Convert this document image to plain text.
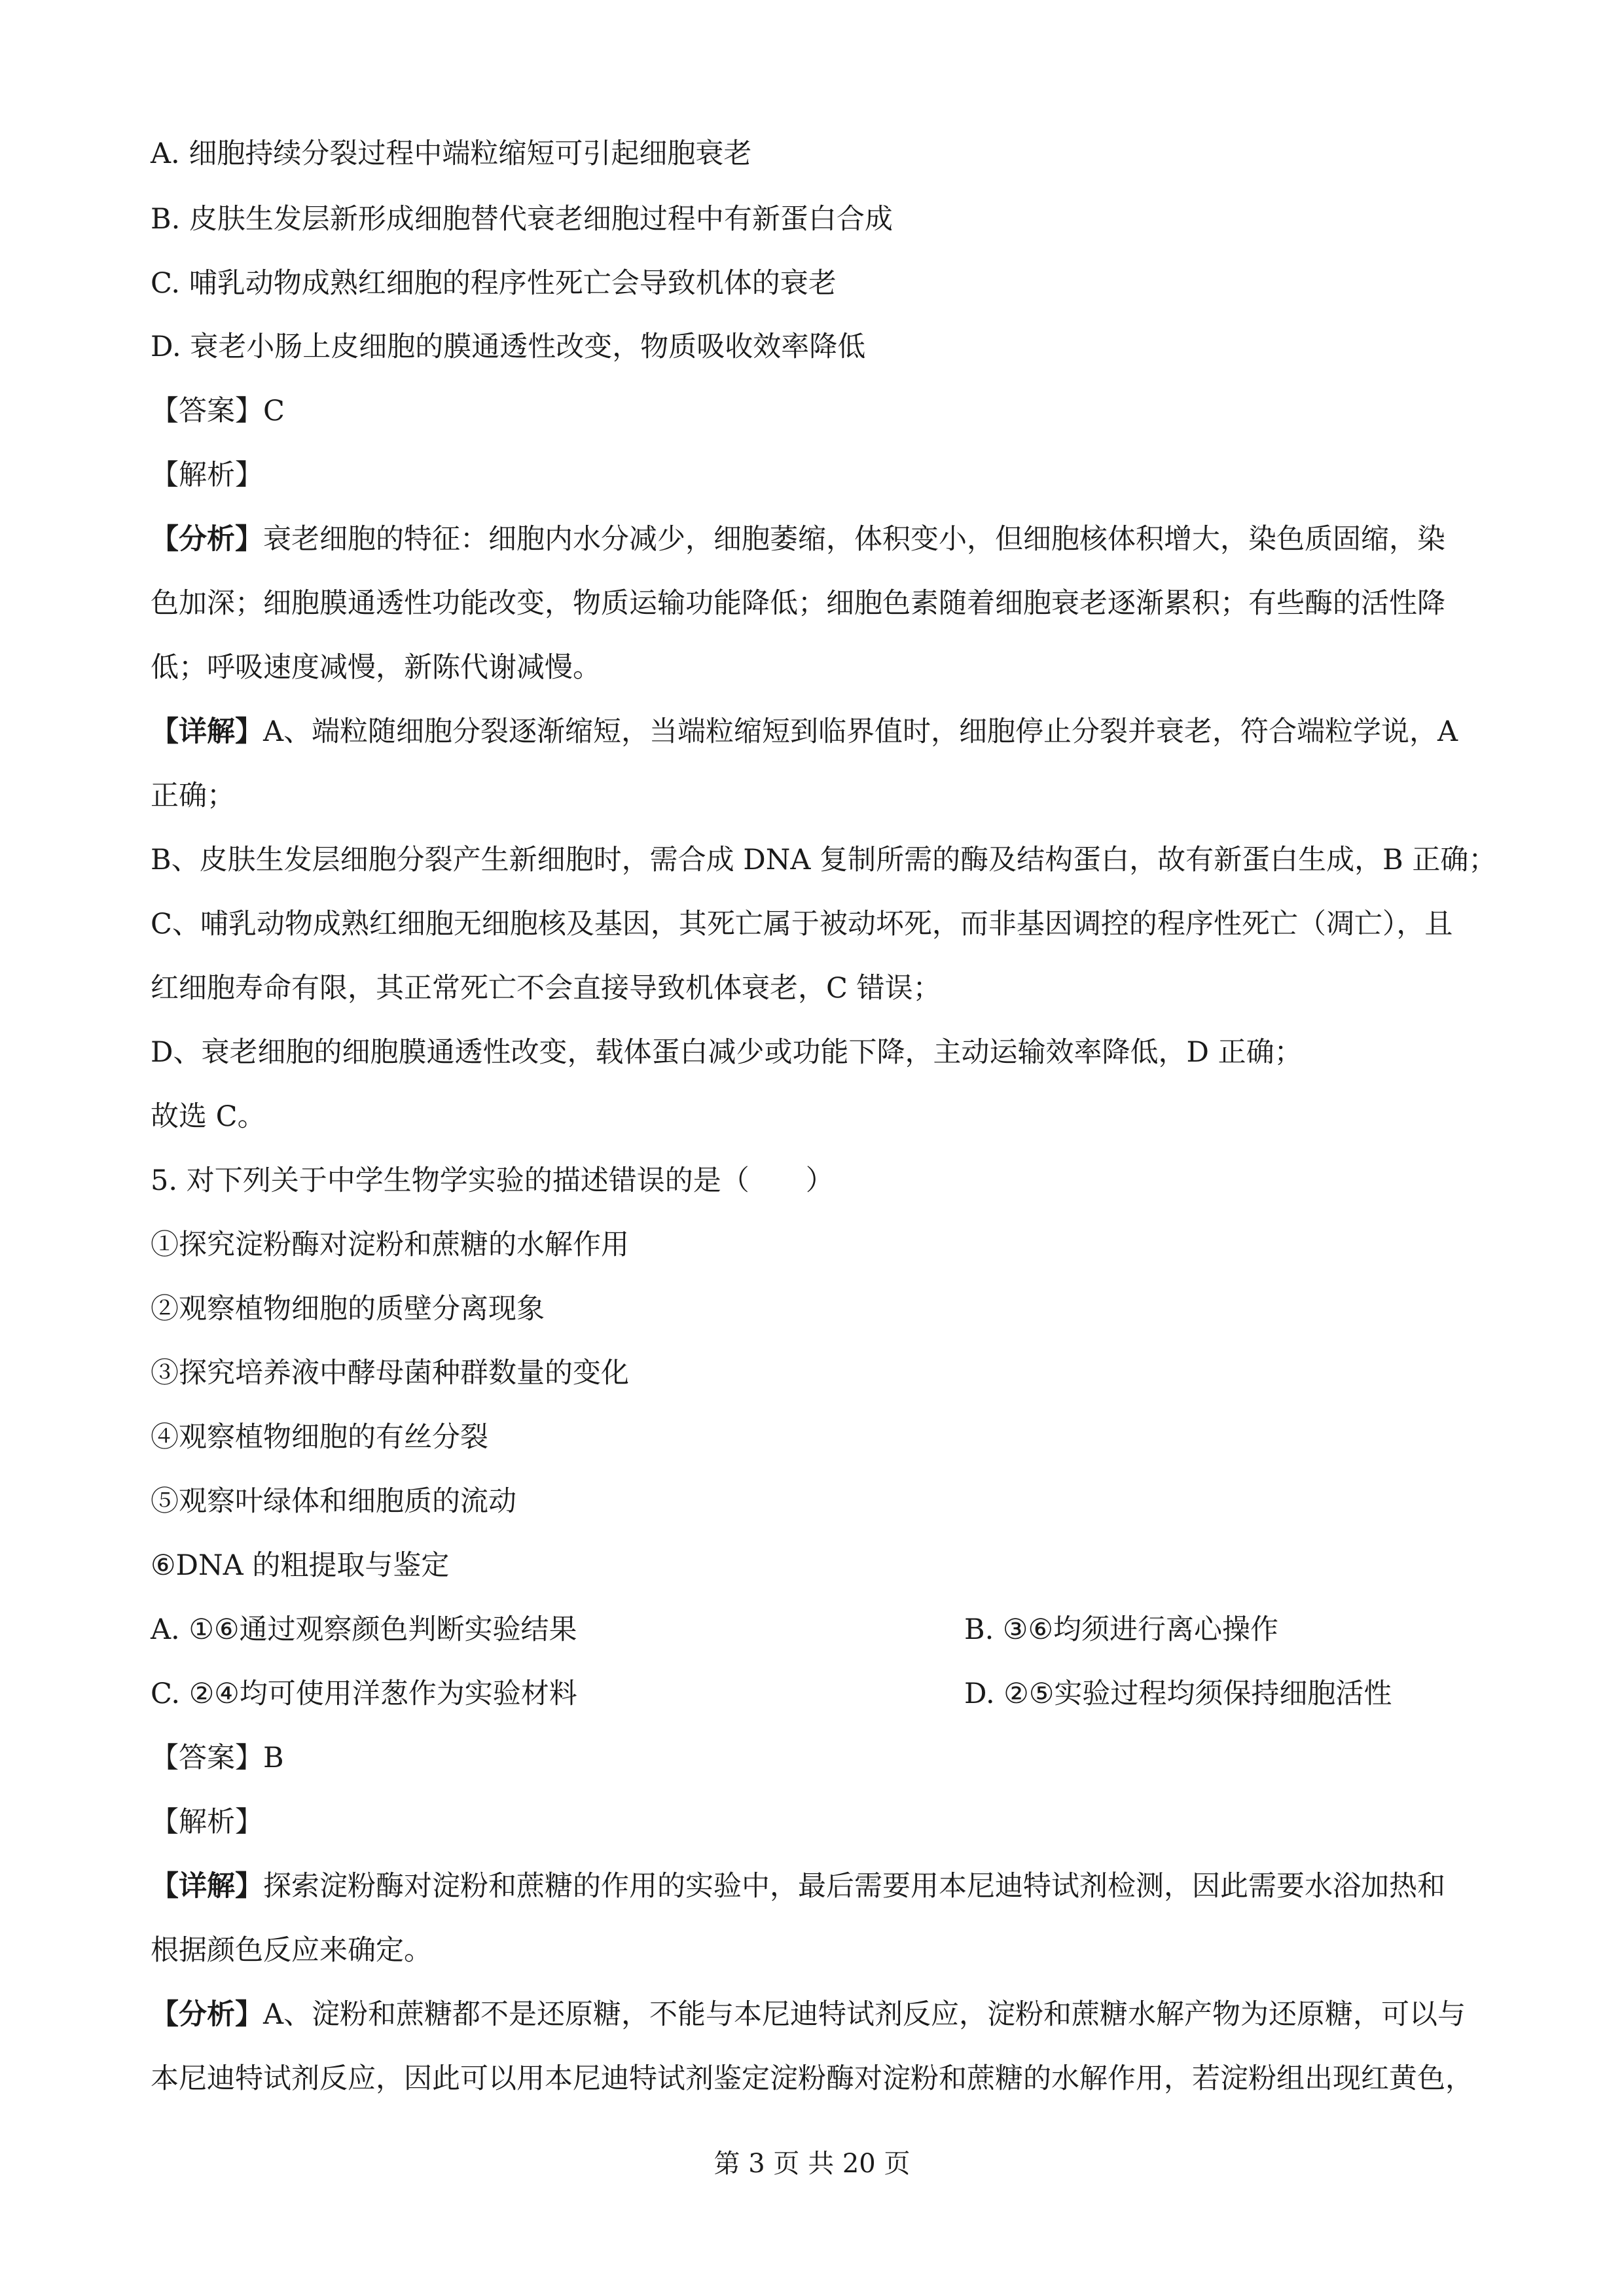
A. 细胞持续分裂过程中端粒缩短可引起细胞衰老
B. 皮肤生发层新形成细胞替代衰老细胞过程中有新蛋白合成
C. 哺乳动物成熟红细胞的程序性死亡会导致机体的衰老
D. 衰老小肠上皮细胞的膜通透性改变，物质吸收效率降低
【答案】C
【解析】
【分析】衰老细胞的特征：细胞内水分减少，细胞萎缩，体积变小，但细胞核体积增大，染色质固缩，染
色加深；细胞膜通透性功能改变，物质运输功能降低；细胞色素随着细胞衰老逐渐累积；有些酶的活性降
低；呼吸速度减慢，新陈代谢减慢。
【详解】A、端粒随细胞分裂逐渐缩短，当端粒缩短到临界值时，细胞停止分裂并衰老，符合端粒学说，A
正确；
B、皮肤生发层细胞分裂产生新细胞时，需合成 DNA 复制所需的酶及结构蛋白，故有新蛋白生成，B 正确；
C、哺乳动物成熟红细胞无细胞核及基因，其死亡属于被动坏死，而非基因调控的程序性死亡（凋亡），且
红细胞寿命有限，其正常死亡不会直接导致机体衰老，C 错误；
D、衰老细胞的细胞膜通透性改变，载体蛋白减少或功能下降，主动运输效率降低，D 正确；
故选 C。
5. 对下列关于中学生物学实验的描述错误的是（　　）
①探究淀粉酶对淀粉和蔗糖的水解作用
②观察植物细胞的质壁分离现象
③探究培养液中酵母菌种群数量的变化
④观察植物细胞的有丝分裂
⑤观察叶绿体和细胞质的流动
⑥DNA 的粗提取与鉴定
A. ①⑥通过观察颜色判断实验结果	B. ③⑥均须进行离心操作
C. ②④均可使用洋葱作为实验材料	D. ②⑤实验过程均须保持细胞活性
【答案】B
【解析】
【详解】探索淀粉酶对淀粉和蔗糖的作用的实验中，最后需要用本尼迪特试剂检测，因此需要水浴加热和
根据颜色反应来确定。
【分析】A、淀粉和蔗糖都不是还原糖，不能与本尼迪特试剂反应，淀粉和蔗糖水解产物为还原糖，可以与
本尼迪特试剂反应，因此可以用本尼迪特试剂鉴定淀粉酶对淀粉和蔗糖的水解作用，若淀粉组出现红黄色，
第 3 页 共 20 页
